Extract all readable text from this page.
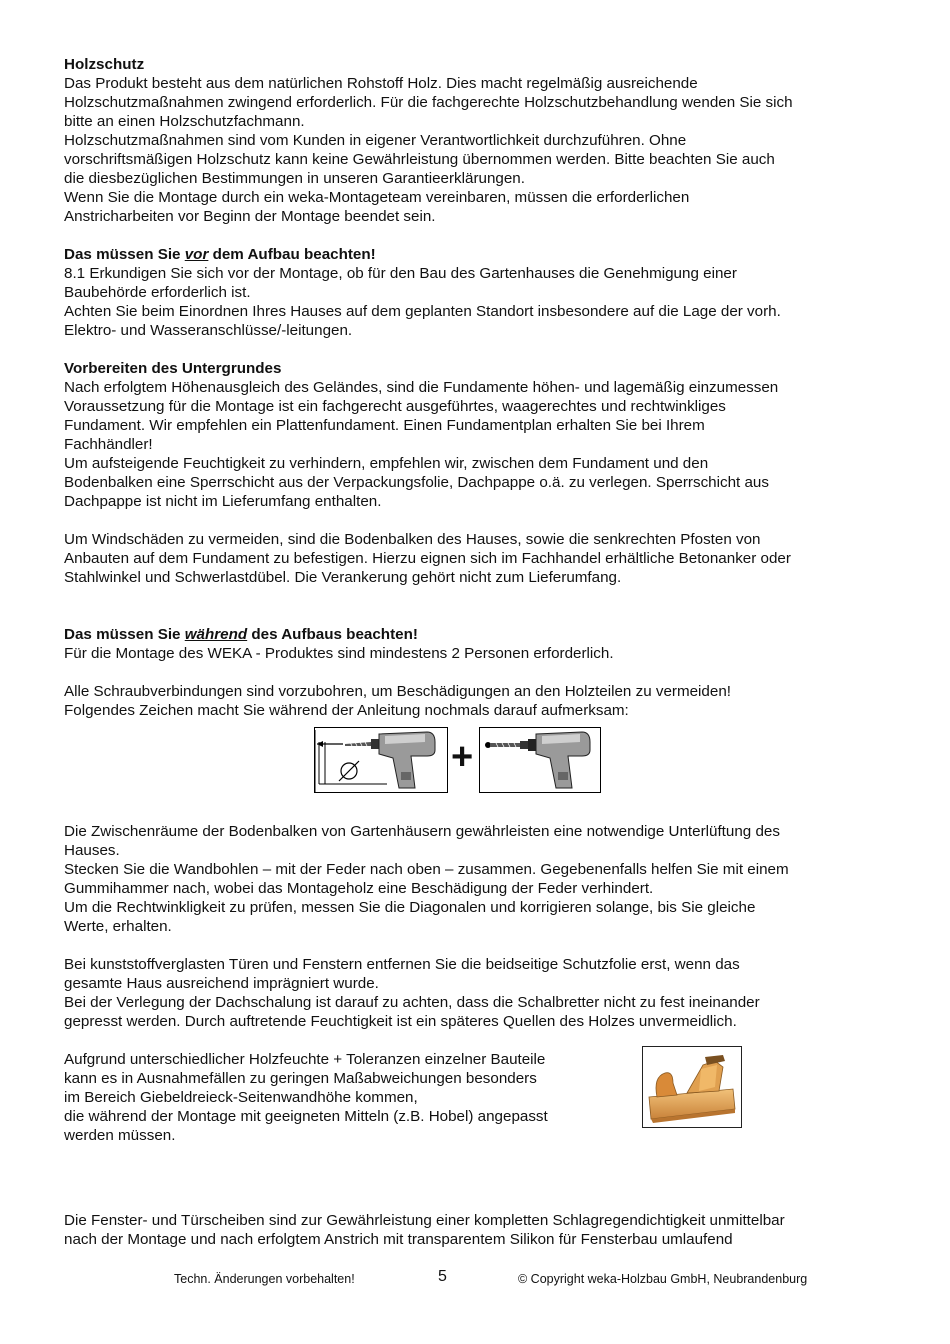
Holzschutz
Das Produkt besteht aus dem natürlichen Rohstoff Holz. Dies macht regelmäßig ausreichende
Holzschutzmaßnahmen zwingend erforderlich. Für die fachgerechte Holzschutzbehandlung wenden Sie sich
bitte an einen Holzschutzfachmann.
Holzschutzmaßnahmen sind vom Kunden in eigener Verantwortlichkeit durchzuführen. Ohne
vorschriftsmäßigen Holzschutz kann keine Gewährleistung übernommen werden. Bitte beachten Sie auch
die diesbezüglichen Bestimmungen in unseren Garantieerklärungen.
Wenn Sie die Montage durch ein weka-Montageteam vereinbaren, müssen die erforderlichen
Anstricharbeiten vor Beginn der Montage beendet sein.
Das müssen Sie vor dem Aufbau beachten!
8.1 Erkundigen Sie sich vor der Montage, ob für den Bau des Gartenhauses die Genehmigung einer
Baubehörde erforderlich ist.
Achten Sie beim Einordnen Ihres Hauses auf dem geplanten Standort insbesondere auf die Lage der vorh.
Elektro- und Wasseranschlüsse/-leitungen.
Vorbereiten des Untergrundes
Nach erfolgtem Höhenausgleich des Geländes, sind die Fundamente höhen- und lagemäßig einzumessen
Voraussetzung für die Montage ist ein fachgerecht ausgeführtes, waagerechtes und rechtwinkliges
Fundament. Wir empfehlen ein Plattenfundament. Einen Fundamentplan erhalten Sie bei Ihrem
Fachhändler!
Um aufsteigende Feuchtigkeit zu verhindern, empfehlen wir, zwischen dem Fundament und den
Bodenbalken eine Sperrschicht aus der Verpackungsfolie, Dachpappe o.ä. zu verlegen. Sperrschicht aus
Dachpappe ist nicht im Lieferumfang enthalten.
Um Windschäden zu vermeiden, sind die Bodenbalken des Hauses, sowie die senkrechten Pfosten von
Anbauten auf dem Fundament zu befestigen. Hierzu eignen sich im Fachhandel erhältliche Betonanker oder
Stahlwinkel und Schwerlastdübel. Die Verankerung gehört nicht zum Lieferumfang.
Das müssen Sie während des Aufbaus beachten!
Für die Montage des WEKA - Produktes sind mindestens 2 Personen erforderlich.
Alle Schraubverbindungen sind vorzubohren, um Beschädigungen an den Holzteilen zu vermeiden!
Folgendes Zeichen macht Sie während der Anleitung nochmals darauf aufmerksam:
+
Die Zwischenräume der Bodenbalken von Gartenhäusern gewährleisten eine notwendige Unterlüftung des
Hauses.
Stecken Sie die Wandbohlen – mit der Feder nach oben – zusammen. Gegebenenfalls helfen Sie mit einem
Gummihammer nach, wobei das Montageholz eine Beschädigung der Feder verhindert.
Um die Rechtwinkligkeit zu prüfen, messen Sie die Diagonalen und korrigieren solange, bis Sie gleiche
Werte, erhalten.
Bei kunststoffverglasten Türen und Fenstern entfernen Sie die beidseitige Schutzfolie erst, wenn das
gesamte Haus ausreichend imprägniert wurde.
Bei der Verlegung der Dachschalung ist darauf zu achten, dass die Schalbretter nicht zu fest ineinander
gepresst werden. Durch auftretende Feuchtigkeit ist ein späteres Quellen des Holzes unvermeidlich.
Aufgrund unterschiedlicher Holzfeuchte + Toleranzen einzelner Bauteile
kann es in Ausnahmefällen zu geringen Maßabweichungen besonders
im Bereich Giebeldreieck-Seitenwandhöhe kommen,
die während der Montage mit geeigneten Mitteln (z.B. Hobel) angepasst
werden müssen.
Die Fenster- und Türscheiben sind zur Gewährleistung einer kompletten Schlagregendichtigkeit unmittelbar
nach der Montage und nach erfolgtem Anstrich mit transparentem Silikon für Fensterbau umlaufend
Techn. Änderungen vorbehalten!	5	© Copyright weka-Holzbau GmbH, Neubrandenburg
